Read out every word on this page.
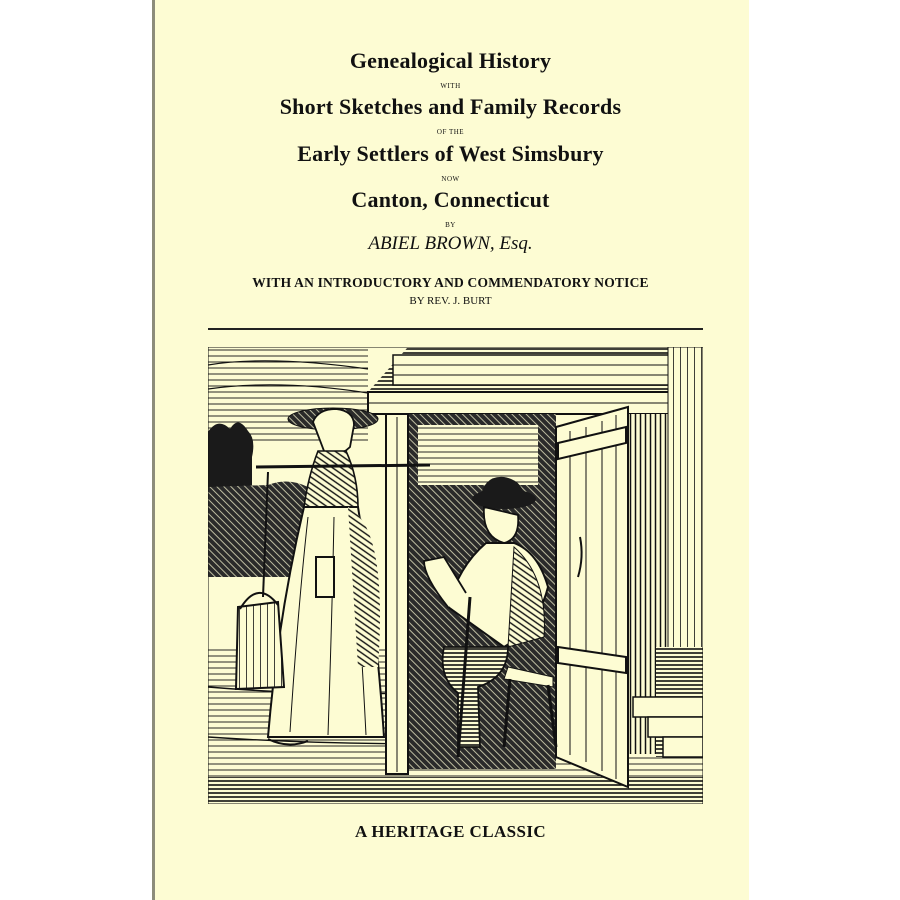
Genealogical History

WITH

Short Sketches and Family Records

OF THE

Early Settlers of West Simsbury

NOW

Canton, Connecticut

BY

ABIEL BROWN, Esq.

WITH AN INTRODUCTORY AND COMMENDATORY NOTICE

BY REV. J. BURT

A HERITAGE CLASSIC
